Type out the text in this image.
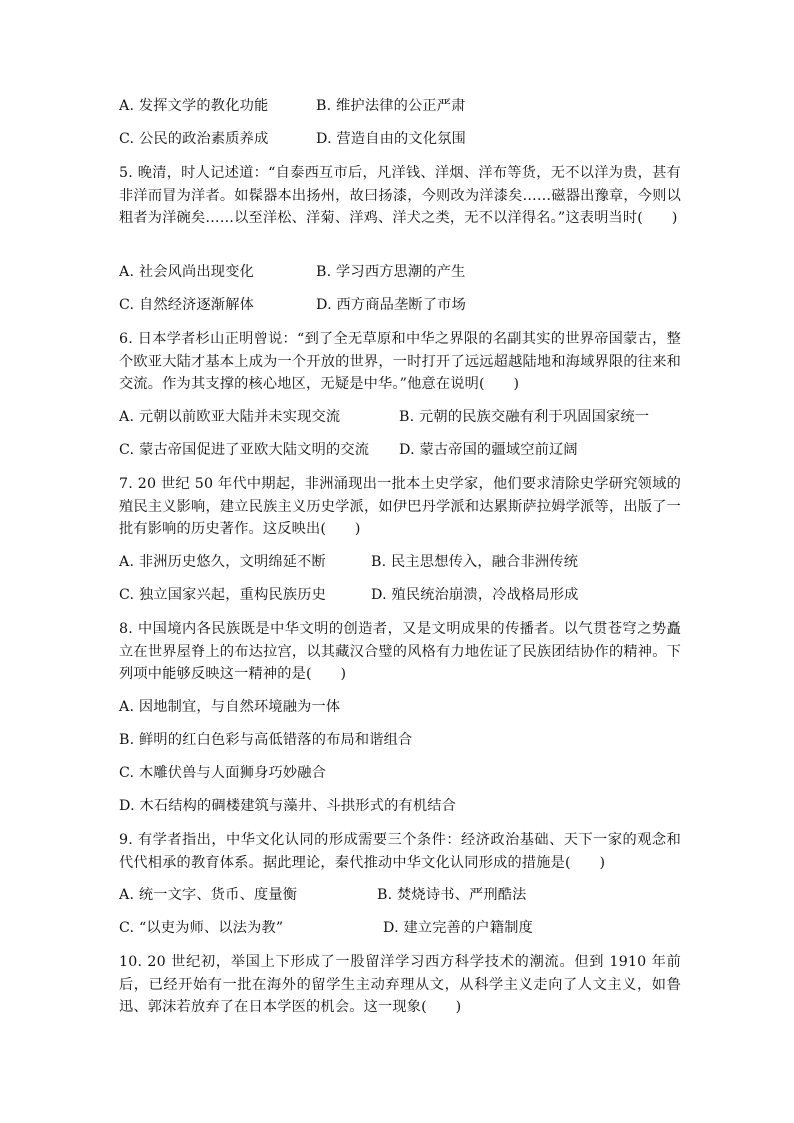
A. 发挥文学的教化功能	B. 维护法律的公正严肃
C. 公民的政治素质养成	D. 营造自由的文化氛围
5. 晚清，时人记述道：“自泰西互市后，凡洋钱、洋烟、洋布等货，无不以洋为贵，甚有非洋而冒为洋者。如髹器本出扬州，故曰扬漆，今则改为洋漆矣……磁器出豫章，今则以粗者为洋碗矣……以至洋松、洋菊、洋鸡、洋犬之类，无不以洋得名。”这表明当时(　　)
A. 社会风尚出现变化	B. 学习西方思潮的产生
C. 自然经济逐渐解体	D. 西方商品垄断了市场
6. 日本学者杉山正明曾说：“到了全无草原和中华之界限的名副其实的世界帝国蒙古，整个欧亚大陆才基本上成为一个开放的世界，一时打开了远远超越陆地和海域界限的往来和交流。作为其支撑的核心地区，无疑是中华。”他意在说明(　　)
A. 元朝以前欧亚大陆并未实现交流	B. 元朝的民族交融有利于巩固国家统一
C. 蒙古帝国促进了亚欧大陆文明的交流 D. 蒙古帝国的疆域空前辽阔
7. 20 世纪 50 年代中期起，非洲涌现出一批本土史学家，他们要求清除史学研究领域的殖民主义影响，建立民族主义历史学派，如伊巴丹学派和达累斯萨拉姆学派等，出版了一批有影响的历史著作。这反映出(　　)
A. 非洲历史悠久，文明绵延不断	B. 民主思想传入，融合非洲传统
C. 独立国家兴起，重构民族历史	D. 殖民统治崩溃，冷战格局形成
8. 中国境内各民族既是中华文明的创造者，又是文明成果的传播者。以气贯苍穹之势矗立在世界屋脊上的布达拉宫，以其藏汉合璧的风格有力地佐证了民族团结协作的精神。下列项中能够反映这一精神的是(　　)
A. 因地制宜，与自然环境融为一体
B. 鲜明的红白色彩与高低错落的布局和谐组合
C. 木雕伏兽与人面狮身巧妙融合
D. 木石结构的碉楼建筑与藻井、斗拱形式的有机结合
9. 有学者指出，中华文化认同的形成需要三个条件：经济政治基础、天下一家的观念和代代相承的教育体系。据此理论，秦代推动中华文化认同形成的措施是(　　)
A. 统一文字、货币、度量衡	B. 焚烧诗书、严刑酷法
C. “以吏为师、以法为教”	D. 建立完善的户籍制度
10. 20 世纪初，举国上下形成了一股留洋学习西方科学技术的潮流。但到 1910 年前后，已经开始有一批在海外的留学生主动弃理从文，从科学主义走向了人文主义，如鲁迅、郭沫若放弃了在日本学医的机会。这一现象(　　)
